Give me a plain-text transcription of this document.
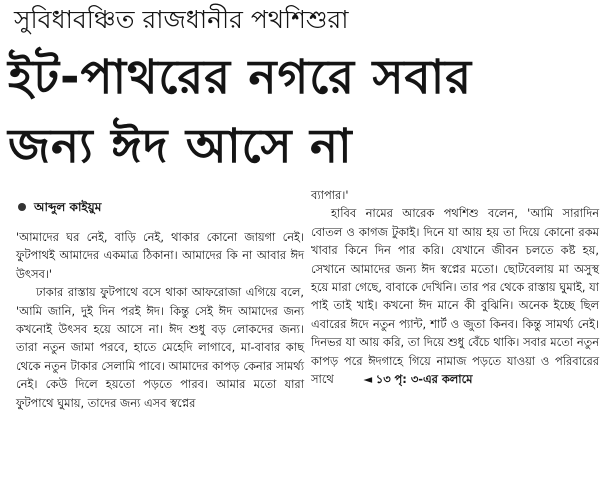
সুবিধাবঞ্চিত রাজধানীর পথশিশুরা
ইট-পাথরের নগরে সবার
জন্য ঈদ আসে না
আব্দুল কাইয়ুম

'আমাদের ঘর নেই, বাড়ি নেই, থাকার কোনো জায়গা নেই। ফুটপাথই আমাদের একমাত্র ঠিকানা। আমাদের কি না আবার ঈদ উৎসব।'

ঢাকার রাস্তায় ফুটপাথে বসে থাকা আফরোজা এগিয়ে বলে, 'আমি জানি, দুই দিন পরই ঈদ। কিন্তু সেই ঈদ আমাদের জন্য কখনোই উৎসব হয়ে আসে না। ঈদ শুধু বড় লোকদের জন্য। তারা নতুন জামা পরবে, হাতে মেহেদি লাগাবে, মা-বাবার কাছ থেকে নতুন টাকার সেলামি পাবে। আমাদের কাপড় কেনার সামর্থ্য নেই। কেউ দিলে হয়তো পড়তে পারব। আমার মতো যারা ফুটপাথে ঘুমায়, তাদের জন্য এসব স্বপ্নের

ব্যাপার।'

হাবিব নামের আরেক পথশিশু বলেন, 'আমি সারাদিন বোতল ও কাগজ টুকাই। দিনে যা আয় হয় তা দিয়ে কোনো রকম খাবার কিনে দিন পার করি। যেখানে জীবন চলতে কষ্ট হয়, সেখানে আমাদের জন্য ঈদ স্বপ্নের মতো। ছোটবেলায় মা অসুস্থ হয়ে মারা গেছে, বাবাকে দেখিনি। তার পর থেকে রাস্তায় ঘুমাই, যা পাই তাই খাই। কখনো ঈদ মানে কী বুঝিনি। অনেক ইচ্ছে ছিল এবারের ঈদে নতুন প্যান্ট, শার্ট ও জুতা কিনব। কিন্তু সামর্থ্য নেই। দিনভর যা আয় করি, তা দিয়ে শুধু বেঁচে থাকি। সবার মতো নতুন কাপড় পরে ঈদগাহে গিয়ে নামাজ পড়তে যাওয়া ও পরিবারের সাথে	◄ ১৩ পৃ: ৩-এর কলামে
